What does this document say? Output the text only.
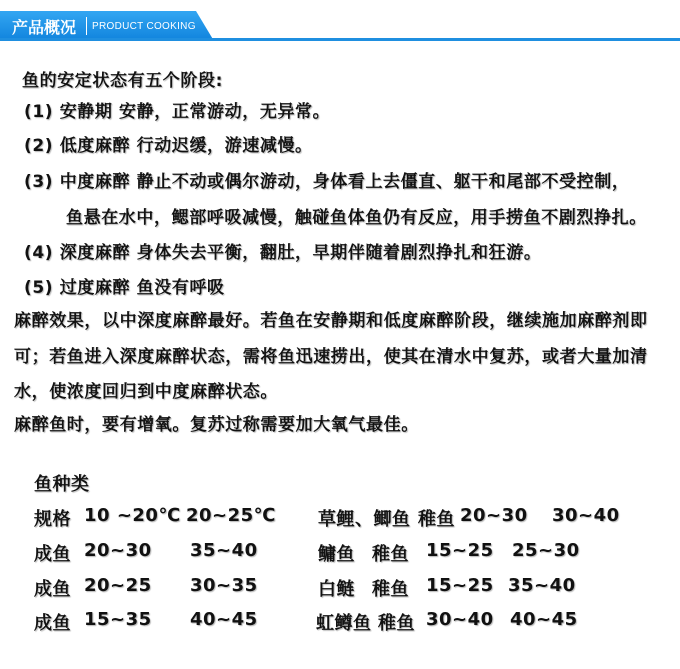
产品概况 PRODUCT COOKING
鱼的安定状态有五个阶段:
(1) 安静期 安静，正常游动，无异常。
(2) 低度麻醉 行动迟缓，游速减慢。
(3) 中度麻醉 静止不动或偶尔游动，身体看上去僵直、躯干和尾部不受控制，
鱼悬在水中，鳃部呼吸减慢，触碰鱼体鱼仍有反应，用手捞鱼不剧烈挣扎。
(4) 深度麻醉 身体失去平衡，翻肚，早期伴随着剧烈挣扎和狂游。
(5) 过度麻醉 鱼没有呼吸
麻醉效果，以中深度麻醉最好。若鱼在安静期和低度麻醉阶段，继续施加麻醉剂即
可；若鱼进入深度麻醉状态，需将鱼迅速捞出，使其在清水中复苏，或者大量加清
水，使浓度回归到中度麻醉状态。
麻醉鱼时，要有增氧。复苏过称需要加大氧气最佳。
鱼种类
规格 10 ~20℃ 20~25℃ 草鲤、鲫鱼 稚鱼 20~30 30~40
成鱼 20~30 35~40	鳙鱼 稚鱼 15~25 25~30
成鱼 20~25 30~35	白鲢 稚鱼 15~25 35~40
成鱼 15~35 40~45	虹鳟鱼 稚鱼 30~40 40~45
